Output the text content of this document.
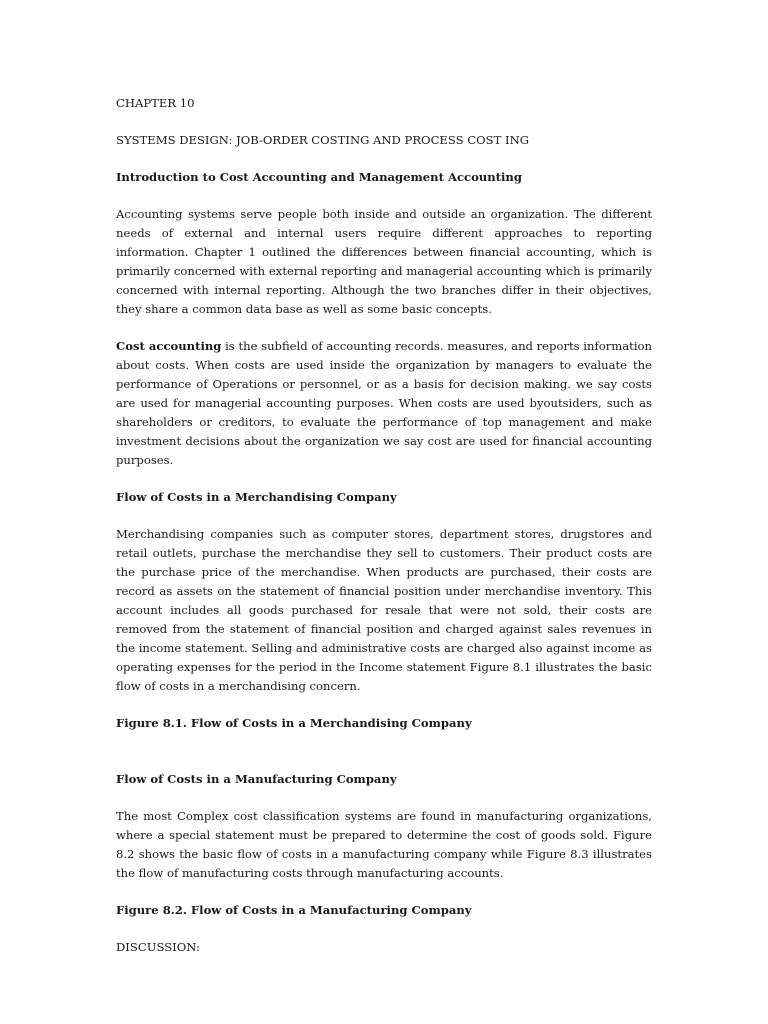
CHAPTER 10

SYSTEMS DESIGN: JOB-ORDER COSTING AND PROCESS COST ING

Introduction to Cost Accounting and Management Accounting

Accounting systems serve people both inside and outside an organization. The different needs of external and internal users require different approaches to reporting information. Chapter 1 outlined the differences between financial accounting, which is primarily concerned with external reporting and managerial accounting which is primarily concerned with internal reporting. Although the two branches differ in their objectives, they share a common data base as well as some basic concepts.

Cost accounting is the subfield of accounting records. measures, and reports information about costs. When costs are used inside the organization by managers to evaluate the performance of Operations or personnel, or as a basis for decision making. we say costs are used for managerial accounting purposes. When costs are used byoutsiders, such as shareholders or creditors, to evaluate the performance of top management and make investment decisions about the organization we say cost are used for financial accounting purposes.

Flow of Costs in a Merchandising Company

Merchandising companies such as computer stores, department stores, drugstores and retail outlets, purchase the merchandise they sell to customers. Their product costs are the purchase price of the merchandise. When products are purchased, their costs are record as assets on the statement of financial position under merchandise inventory. This account includes all goods purchased for resale that were not sold, their costs are removed from the statement of financial position and charged against sales revenues in the income statement. Selling and administrative costs are charged also against income as operating expenses for the period in the Income statement Figure 8.1 illustrates the basic flow of costs in a merchandising concern.

Figure 8.1. Flow of Costs in a Merchandising Company

Flow of Costs in a Manufacturing Company

The most Complex cost classification systems are found in manufacturing organizations, where a special statement must be prepared to determine the cost of goods sold. Figure 8.2 shows the basic flow of costs in a manufacturing company while Figure 8.3 illustrates the flow of manufacturing costs through manufacturing accounts.

Figure 8.2. Flow of Costs in a Manufacturing Company

DISCUSSION:
